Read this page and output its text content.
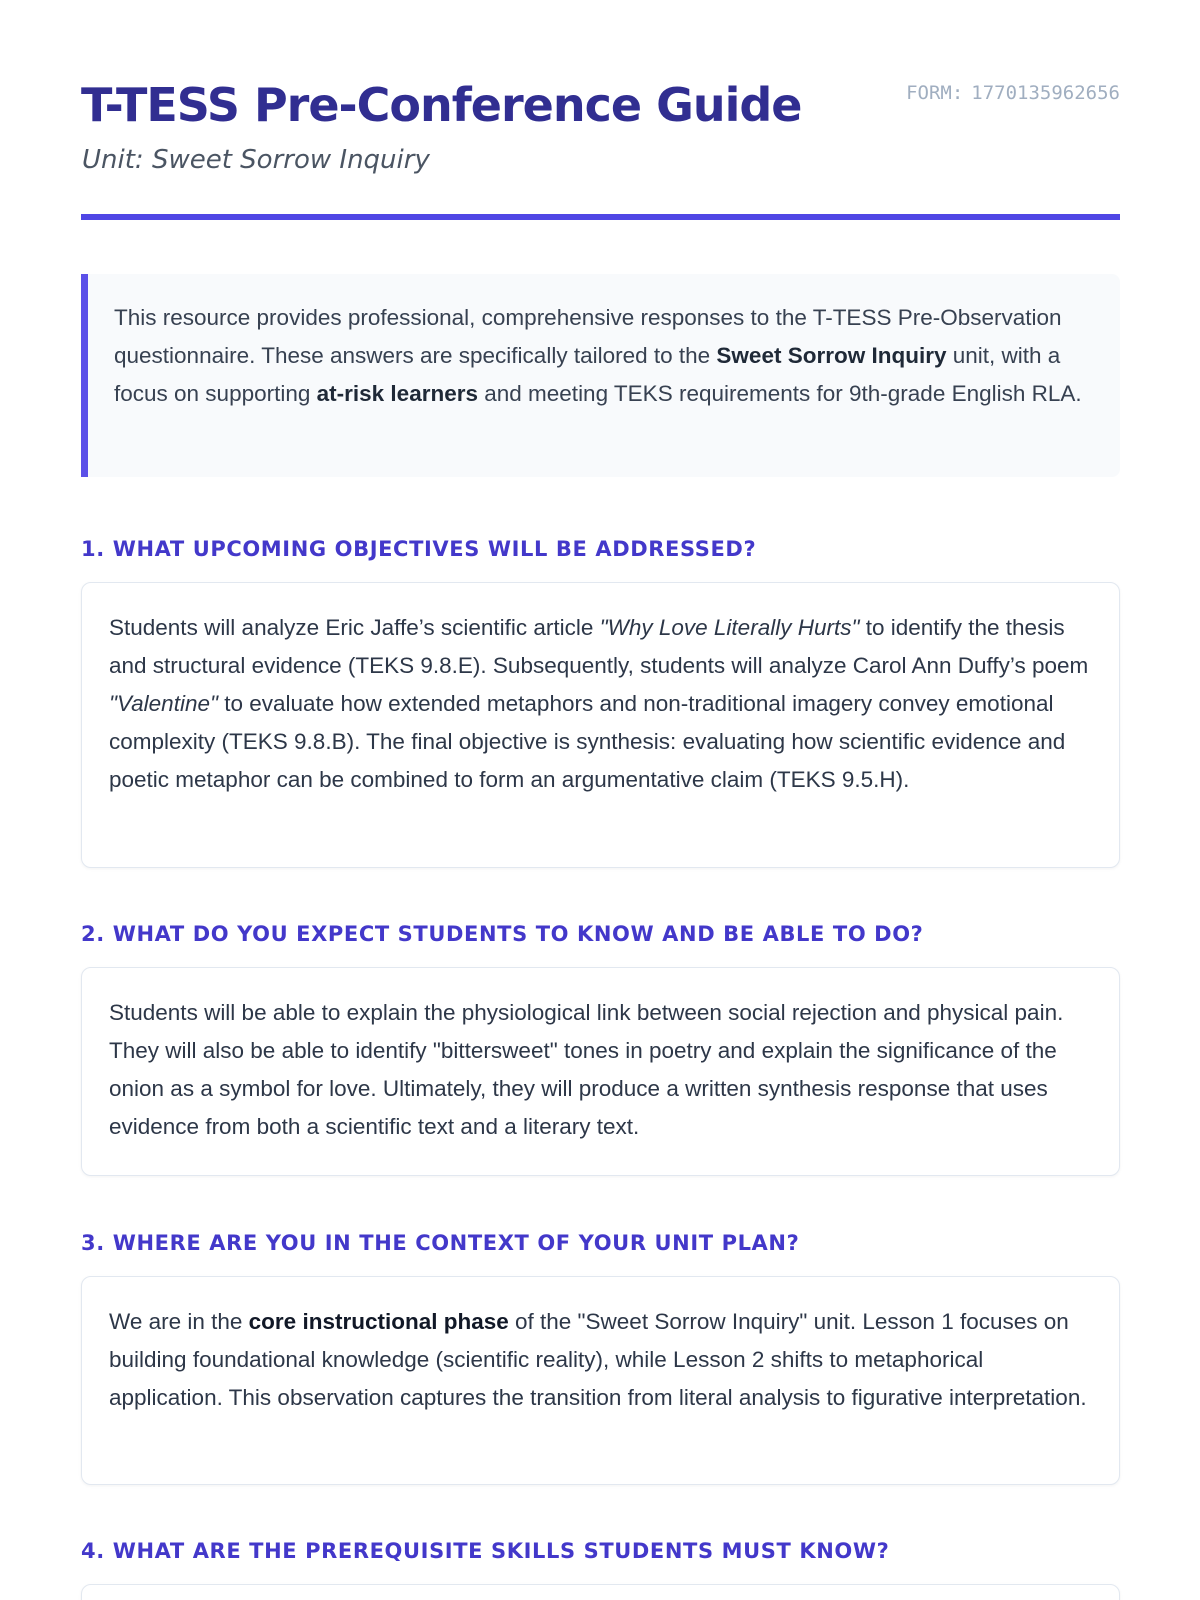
T-TESS Pre-Conference Guide

Unit: Sweet Sorrow Inquiry

FORM: 1770135962656
This resource provides professional, comprehensive responses to the T-TESS Pre-Observation questionnaire. These answers are specifically tailored to the Sweet Sorrow Inquiry unit, with a focus on supporting at-risk learners and meeting TEKS requirements for 9th-grade English RLA.
1. WHAT UPCOMING OBJECTIVES WILL BE ADDRESSED?
Students will analyze Eric Jaffe’s scientific article "Why Love Literally Hurts" to identify the thesis and structural evidence (TEKS 9.8.E). Subsequently, students will analyze Carol Ann Duffy’s poem "Valentine" to evaluate how extended metaphors and non-traditional imagery convey emotional complexity (TEKS 9.8.B). The final objective is synthesis: evaluating how scientific evidence and poetic metaphor can be combined to form an argumentative claim (TEKS 9.5.H).
2. WHAT DO YOU EXPECT STUDENTS TO KNOW AND BE ABLE TO DO?
Students will be able to explain the physiological link between social rejection and physical pain. They will also be able to identify "bittersweet" tones in poetry and explain the significance of the onion as a symbol for love. Ultimately, they will produce a written synthesis response that uses evidence from both a scientific text and a literary text.
3. WHERE ARE YOU IN THE CONTEXT OF YOUR UNIT PLAN?
We are in the core instructional phase of the "Sweet Sorrow Inquiry" unit. Lesson 1 focuses on building foundational knowledge (scientific reality), while Lesson 2 shifts to metaphorical application. This observation captures the transition from literal analysis to figurative interpretation.
4. WHAT ARE THE PREREQUISITE SKILLS STUDENTS MUST KNOW?
